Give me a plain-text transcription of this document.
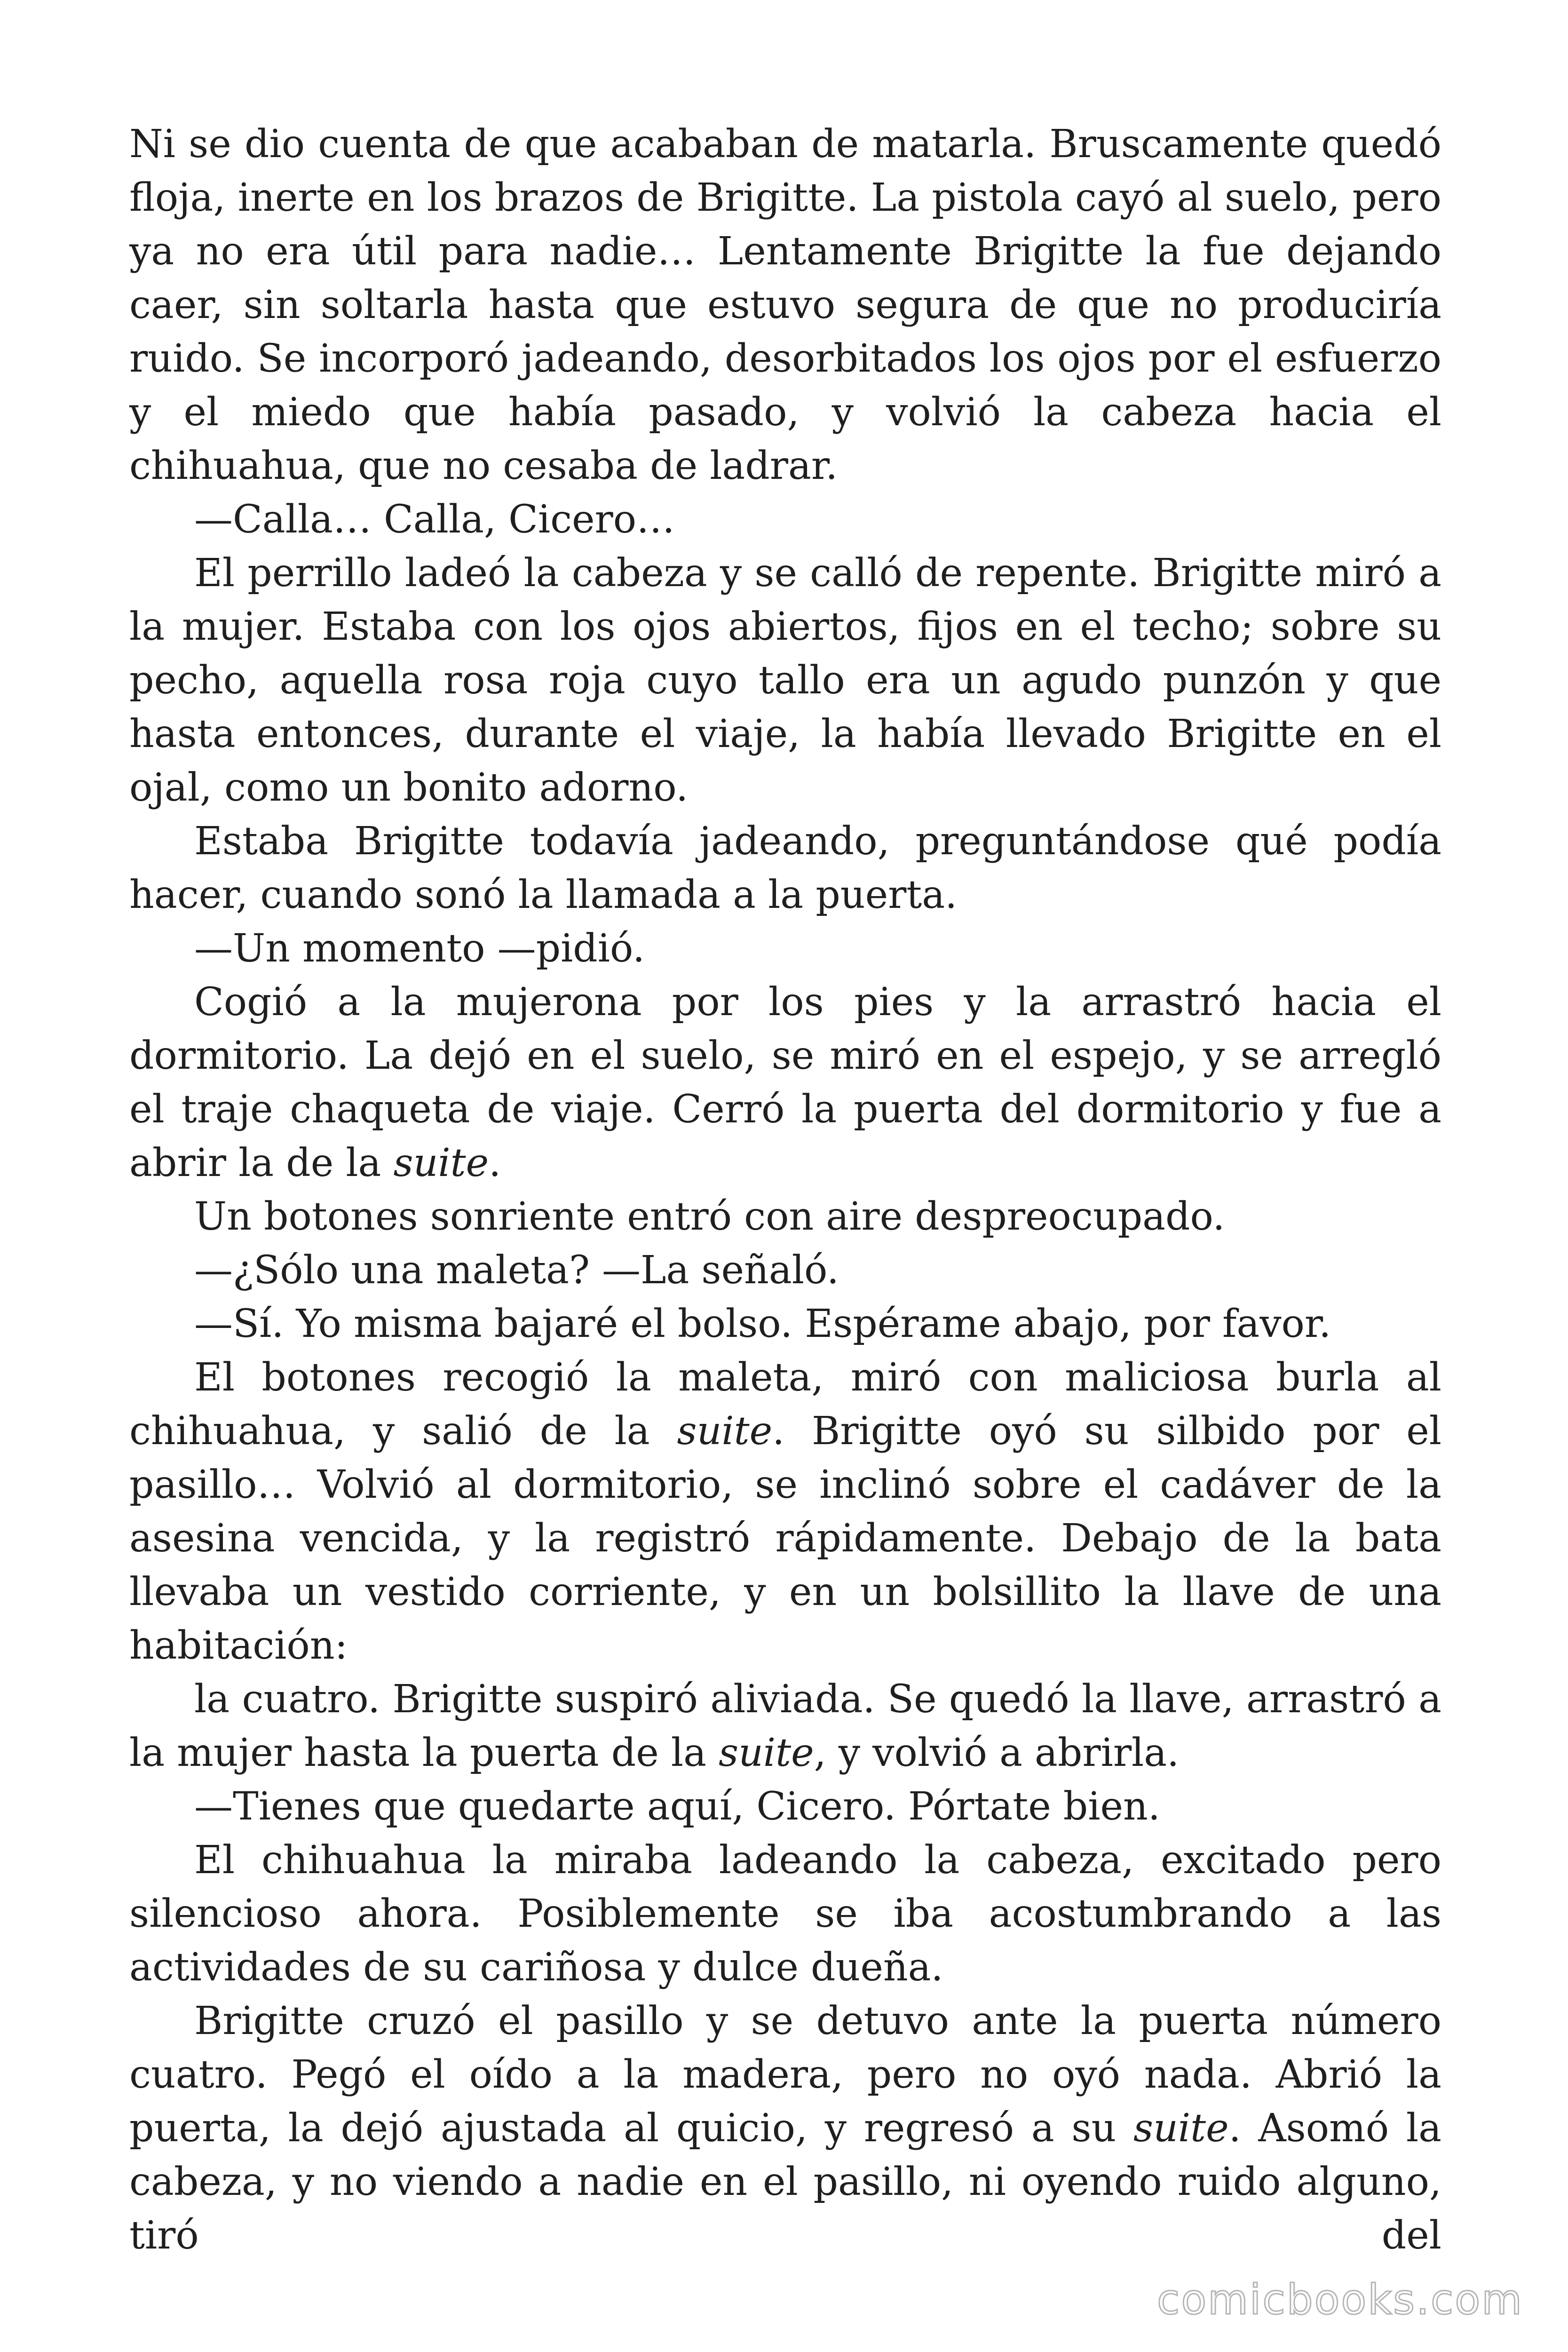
Ni se dio cuenta de que acababan de matarla. Bruscamente quedó floja, inerte en los brazos de Brigitte. La pistola cayó al suelo, pero ya no era útil para nadie… Lentamente Brigitte la fue dejando caer, sin soltarla hasta que estuvo segura de que no produciría ruido. Se incorporó jadeando, desorbitados los ojos por el esfuerzo y el miedo que había pasado, y volvió la cabeza hacia el chihuahua, que no cesaba de ladrar.

—Calla… Calla, Cicero…

El perrillo ladeó la cabeza y se calló de repente. Brigitte miró a la mujer. Estaba con los ojos abiertos, fijos en el techo; sobre su pecho, aquella rosa roja cuyo tallo era un agudo punzón y que hasta entonces, durante el viaje, la había llevado Brigitte en el ojal, como un bonito adorno.

Estaba Brigitte todavía jadeando, preguntándose qué podía hacer, cuando sonó la llamada a la puerta.

—Un momento —pidió.

Cogió a la mujerona por los pies y la arrastró hacia el dormitorio. La dejó en el suelo, se miró en el espejo, y se arregló el traje chaqueta de viaje. Cerró la puerta del dormitorio y fue a abrir la de la suite.

Un botones sonriente entró con aire despreocupado.

—¿Sólo una maleta? —La señaló.

—Sí. Yo misma bajaré el bolso. Espérame abajo, por favor.

El botones recogió la maleta, miró con maliciosa burla al chihuahua, y salió de la suite. Brigitte oyó su silbido por el pasillo… Volvió al dormitorio, se inclinó sobre el cadáver de la asesina vencida, y la registró rápidamente. Debajo de la bata llevaba un vestido corriente, y en un bolsillito la llave de una habitación:

la cuatro. Brigitte suspiró aliviada. Se quedó la llave, arrastró a la mujer hasta la puerta de la suite, y volvió a abrirla.

—Tienes que quedarte aquí, Cicero. Pórtate bien.

El chihuahua la miraba ladeando la cabeza, excitado pero silencioso ahora. Posiblemente se iba acostumbrando a las actividades de su cariñosa y dulce dueña.

Brigitte cruzó el pasillo y se detuvo ante la puerta número cuatro. Pegó el oído a la madera, pero no oyó nada. Abrió la puerta, la dejó ajustada al quicio, y regresó a su suite. Asomó la cabeza, y no viendo a nadie en el pasillo, ni oyendo ruido alguno, tiró del

comicbooks.com
